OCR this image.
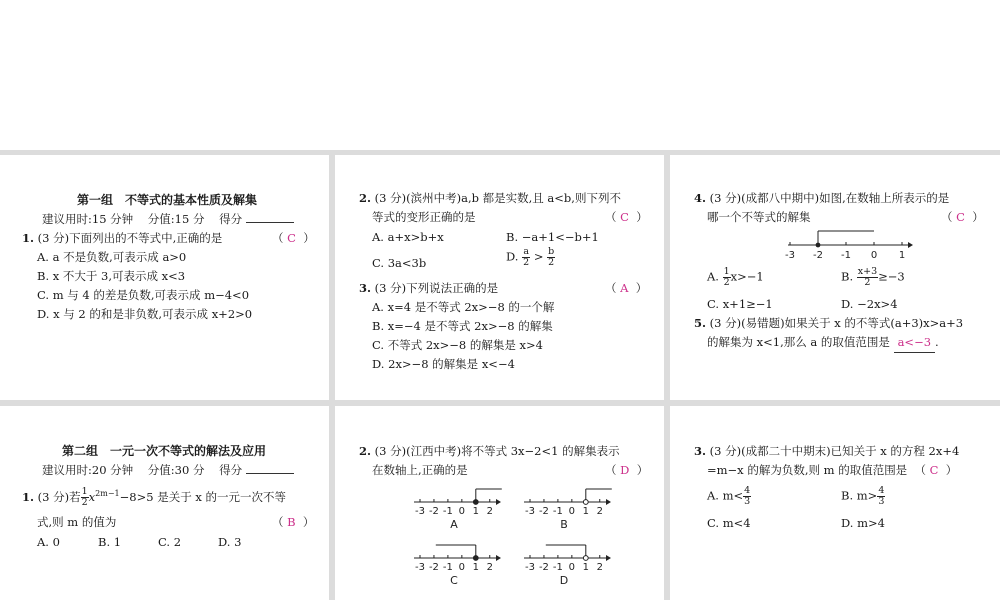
第一组　不等式的基本性质及解集
建议用时:15 分钟 分值:15 分 得分
1. (3 分)下面列出的不等式中,正确的是	（ C ）
A. a 不是负数,可表示成 a>0
B. x 不大于 3,可表示成 x<3
C. m 与 4 的差是负数,可表示成 m−4<0
D. x 与 2 的和是非负数,可表示成 x+2>0
2. (3 分)(滨州中考)a,b 都是实数,且 a<b,则下列不
等式的变形正确的是	（ C  ）
A. a+x>b+x	B. −a+1<−b+1
C. 3a<3b	D. $\frac{a}{2} > \frac{b}{2}$
3. (3 分)下列说法正确的是	（ A  ）
A. x=4 是不等式 2x>−8 的一个解
B. x=−4 是不等式 2x>−8 的解集
C. 不等式 2x>−8 的解集是 x>4
D. 2x>−8 的解集是 x<−4
4. (3 分)(成都八中期中)如图,在数轴上所表示的是
哪一个不等式的解集	（ C  ）
-3 -2 -1 0 1
A. $\frac{1}{2} x>-1$	B. $\frac{x+3}{2} \ge-3$
C. x+1≥−1	D. −2x>4
5. (3 分)(易错题)如果关于 x 的不等式(a+3)x>a+3
的解集为 x<1,那么 a 的取值范围是 a<−3 .
第二组　一元一次不等式的解法及应用
建议用时:20 分钟 分值:30 分 得分
1. (3 分)若 $\frac{1}{2} x^{2m-1}-8>5$ 是关于 x 的一元一次不等
式,则 m 的值为	（ B  ）
A. 0	B. 1	C. 2	D. 3
2. (3 分)(江西中考)将不等式 3x−2<1 的解集表示
在数轴上,正确的是	（ D  ）
-3 -2 -1 0 1 2
A
-3 -2 -1 0 1 2
B
-3 -2 -1 0 1 2
C
-3 -2 -1 0 1 2
D
3. (3 分)(成都二十中期末)已知关于 x 的方程 2x+4
=m−x 的解为负数,则 m 的取值范围是  （ C  ）
A. $m< \frac{4}{3}$	B. $m> \frac{4}{3}$
C. m<4	D. m>4
